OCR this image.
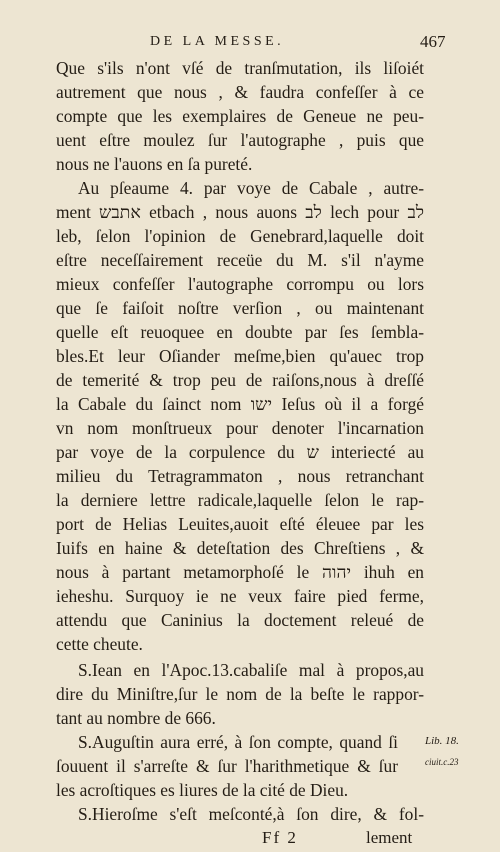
DE LA MESSE.	467
Que s'ils n'ont vſé de tranſmutation, ils liſoiét
autrement que nous , & faudra confeſſer à ce
compte que les exemplaires de Geneue ne peu-
uent eſtre moulez ſur l'autographe , puis que
nous ne l'auons en ſa pureté.
Au pſeaume 4. par voye de Cabale , autre-
ment אתבש etbach , nous auons לב lech pour לב
leb, ſelon l'opinion de Genebrard,laquelle doit
eſtre neceſſairement receüe du M. s'il n'ayme
mieux confeſſer l'autographe corrompu ou lors
que ſe faiſoit noſtre verſion , ou maintenant
quelle eſt reuoquee en doubte par ſes ſembla-
bles.Et leur Oſiander meſme,bien qu'auec trop
de temerité & trop peu de raiſons,nous à dreſſé
la Cabale du ſainct nom ישו Ieſus où il a forgé
vn nom monſtrueux pour denoter l'incarnation
par voye de la corpulence du ש interiecté au
milieu du Tetragrammaton , nous retranchant
la derniere lettre radicale,laquelle ſelon le rap-
port de Helias Leuites,auoit eſté éleuee par les
Iuifs en haine & deteſtation des Chreſtiens , &
nous à partant metamorphoſé le יהוה ihuh en
ieheshu. Surquoy ie ne veux faire pied ferme,
attendu que Caninius la doctement releué de
cette cheute.
S.Iean en l'Apoc.13.cabaliſe mal à propos,au
dire du Miniſtre,ſur le nom de la beſte le rappor-
tant au nombre de 666.
S.Auguſtin aura erré, à ſon compte, quand ſi
ſouuent il s'arreſte & ſur l'harithmetique & ſur
les acroſtiques es liures de la cité de Dieu.
S.Hieroſme s'eſt meſconté,à ſon dire, & fol-
Lib. 18.
ciuit.c.23
Ff 2	lement
